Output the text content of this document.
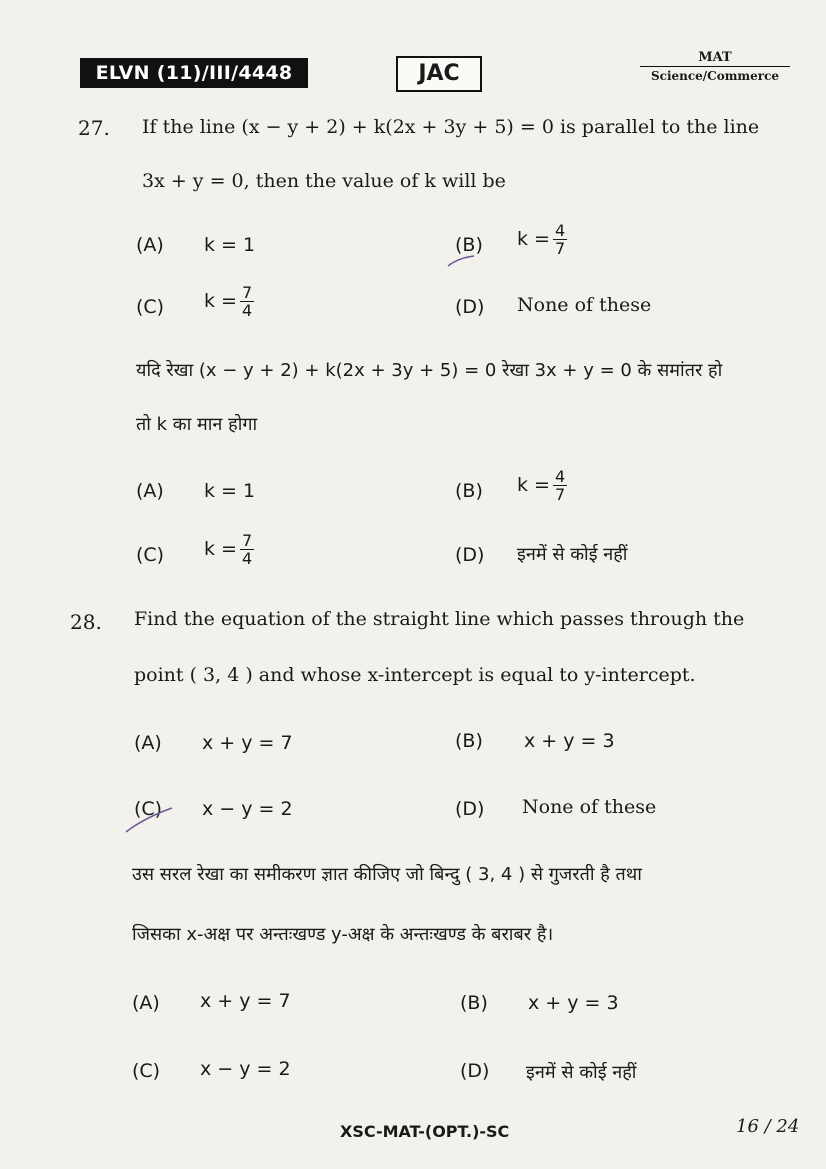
ELVN (11)/III/4448	JAC
MAT
Science/Commerce
27. If the line (x − y + 2) + k(2x + 3y + 5) = 0 is parallel to the line
3x + y = 0, then the value of k will be
(A) k = 1	(B) $k = \frac{4}{7}$
(C) $k = \frac{7}{4}$	(D) None of these
यदि रेखा (x − y + 2) + k(2x + 3y + 5) = 0 रेखा 3x + y = 0 के समांतर हो
तो k का मान होगा
(A) k = 1	(B) $k = \frac{4}{7}$
(C) $k = \frac{7}{4}$	(D) इनमें से कोई नहीं
28. Find the equation of the straight line which passes through the
point ( 3, 4 ) and whose x-intercept is equal to y-intercept.
(A) x + y = 7	(B) x + y = 3
(C) x − y = 2	(D) None of these
उस सरल रेखा का समीकरण ज्ञात कीजिए जो बिन्दु ( 3, 4 ) से गुजरती है तथा
जिसका x-अक्ष पर अन्तःखण्ड y-अक्ष के अन्तःखण्ड के बराबर है।
(A) x + y = 7	(B) x + y = 3
(C) x − y = 2	(D) इनमें से कोई नहीं
XSC-MAT-(OPT.)-SC	16 / 24
